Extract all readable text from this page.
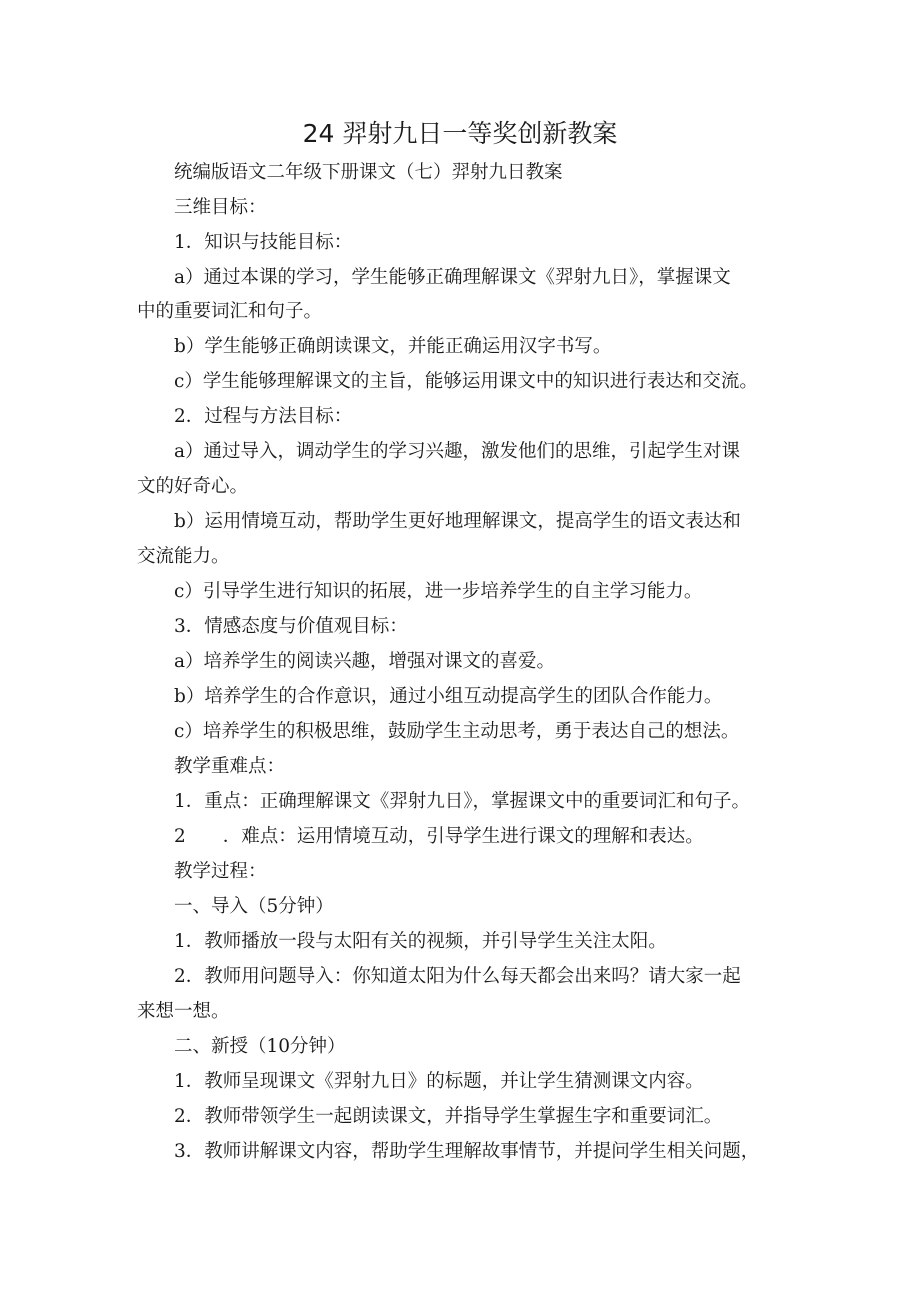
24 羿射九日一等奖创新教案
统编版语文二年级下册课文（七）羿射九日教案
三维目标：
1．知识与技能目标：
a）通过本课的学习，学生能够正确理解课文《羿射九日》，掌握课文
中的重要词汇和句子。
b）学生能够正确朗读课文，并能正确运用汉字书写。
c）学生能够理解课文的主旨，能够运用课文中的知识进行表达和交流。
2．过程与方法目标：
a）通过导入，调动学生的学习兴趣，激发他们的思维，引起学生对课
文的好奇心。
b）运用情境互动，帮助学生更好地理解课文，提高学生的语文表达和
交流能力。
c）引导学生进行知识的拓展，进一步培养学生的自主学习能力。
3．情感态度与价值观目标：
a）培养学生的阅读兴趣，增强对课文的喜爱。
b）培养学生的合作意识，通过小组互动提高学生的团队合作能力。
c）培养学生的积极思维，鼓励学生主动思考，勇于表达自己的想法。
教学重难点：
1．重点：正确理解课文《羿射九日》，掌握课文中的重要词汇和句子。
2　　．难点：运用情境互动，引导学生进行课文的理解和表达。
教学过程：
一、导入（5分钟）
1．教师播放一段与太阳有关的视频，并引导学生关注太阳。
2．教师用问题导入：你知道太阳为什么每天都会出来吗？请大家一起
来想一想。
二、新授（10分钟）
1．教师呈现课文《羿射九日》的标题，并让学生猜测课文内容。
2．教师带领学生一起朗读课文，并指导学生掌握生字和重要词汇。
3．教师讲解课文内容，帮助学生理解故事情节，并提问学生相关问题，
